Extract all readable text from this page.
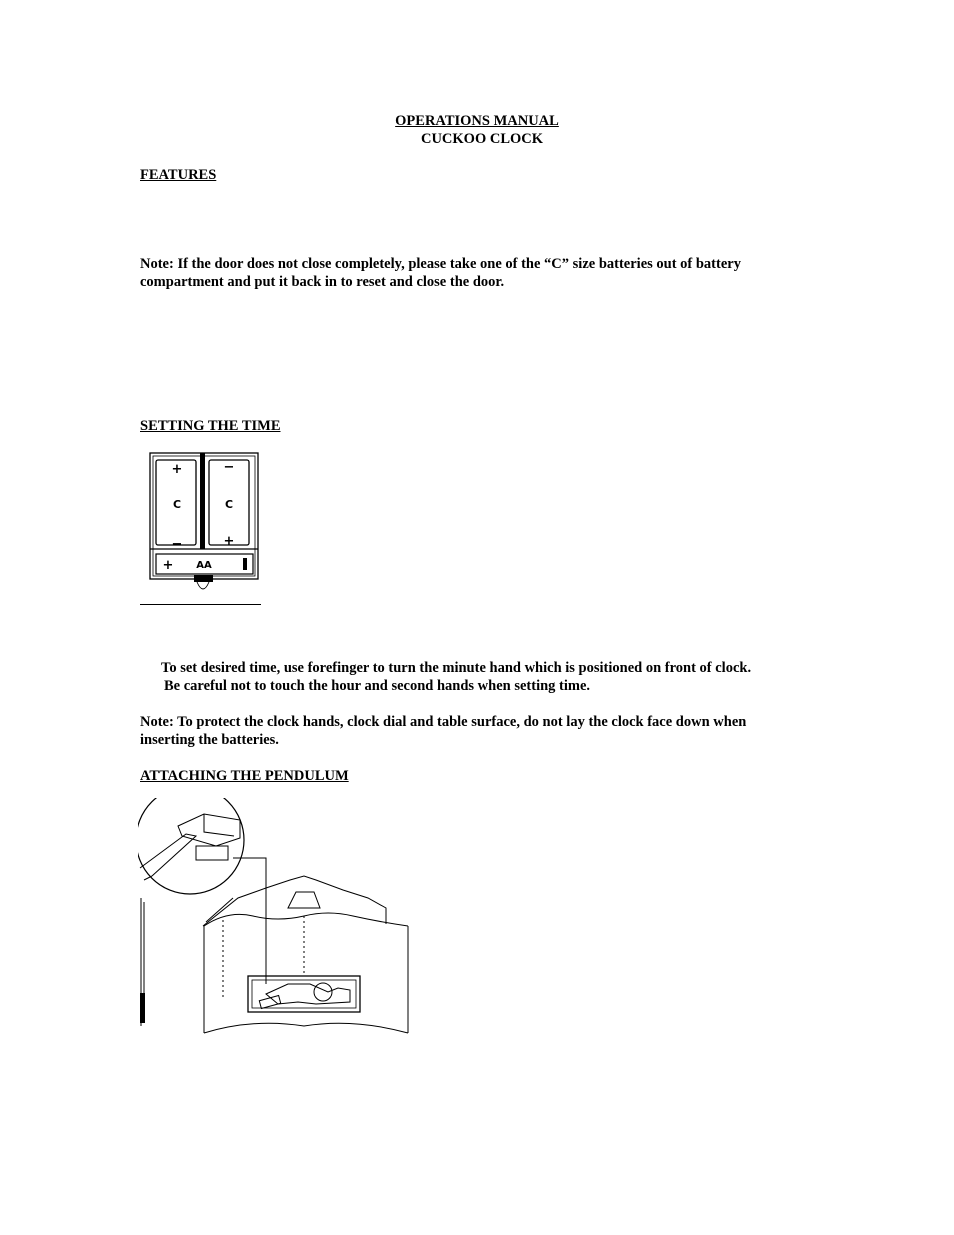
OPERATIONS MANUAL
CUCKOO CLOCK
FEATURES
Note: If the door does not close completely, please take one of the “C” size batteries out of battery
compartment and put it back in to reset and close the door.
SETTING THE TIME
+
C
−
−
C
+
+ AA
To set desired time, use forefinger to turn the minute hand which is positioned on front of clock.
Be careful not to touch the hour and second hands when setting time.
Note: To protect the clock hands, clock dial and table surface, do not lay the clock face down when
inserting the batteries.
ATTACHING THE PENDULUM
